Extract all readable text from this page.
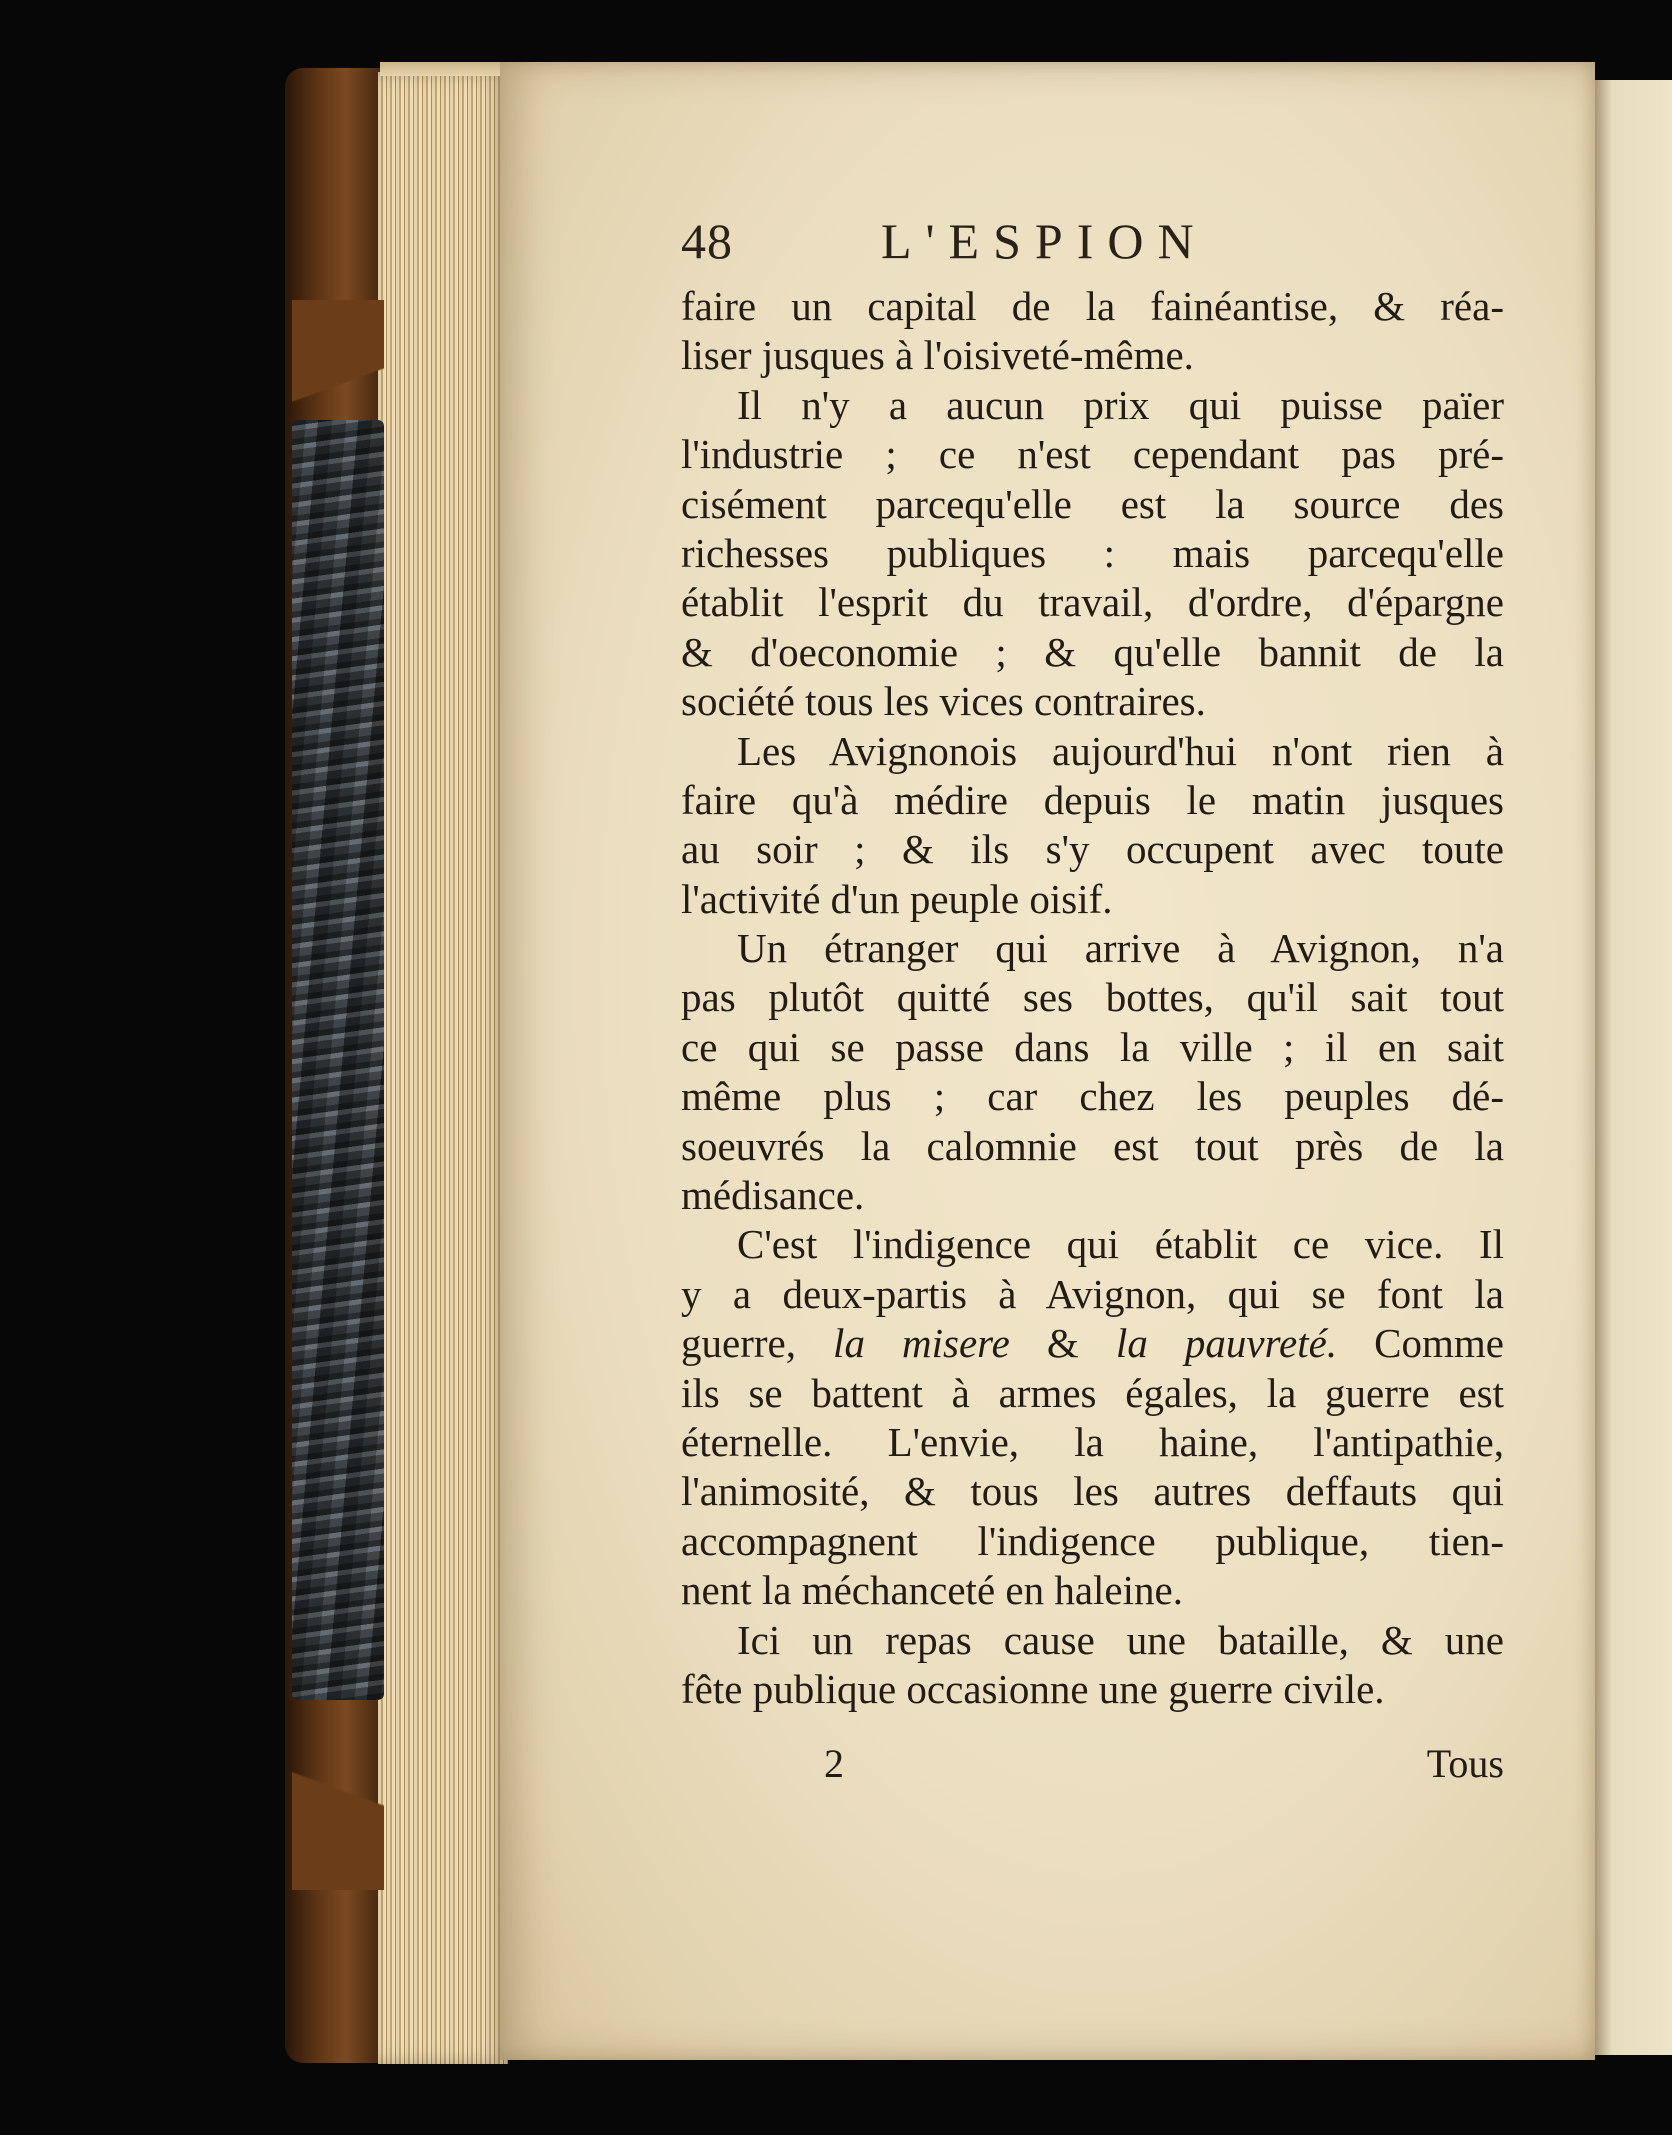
48	L'ESPION
faire un capital de la fainéantise, & réa-
liser jusques à l'oisiveté-même.
Il n'y a aucun prix qui puisse païer
l'industrie ; ce n'est cependant pas pré-
cisément parcequ'elle est la source des
richesses publiques : mais parcequ'elle
établit l'esprit du travail, d'ordre, d'épargne
& d'oeconomie ; & qu'elle bannit de la
société tous les vices contraires.
Les Avignonois aujourd'hui n'ont rien à
faire qu'à médire depuis le matin jusques
au soir ; & ils s'y occupent avec toute
l'activité d'un peuple oisif.
Un étranger qui arrive à Avignon, n'a
pas plutôt quitté ses bottes, qu'il sait tout
ce qui se passe dans la ville ; il en sait
même plus ; car chez les peuples dé-
soeuvrés la calomnie est tout près de la
médisance.
C'est l'indigence qui établit ce vice. Il
y a deux-partis à Avignon, qui se font la
guerre, la misere & la pauvreté. Comme
ils se battent à armes égales, la guerre est
éternelle. L'envie, la haine, l'antipathie,
l'animosité, & tous les autres deffauts qui
accompagnent l'indigence publique, tien-
nent la méchanceté en haleine.
Ici un repas cause une bataille, & une
fête publique occasionne une guerre civile.
2	Tous
